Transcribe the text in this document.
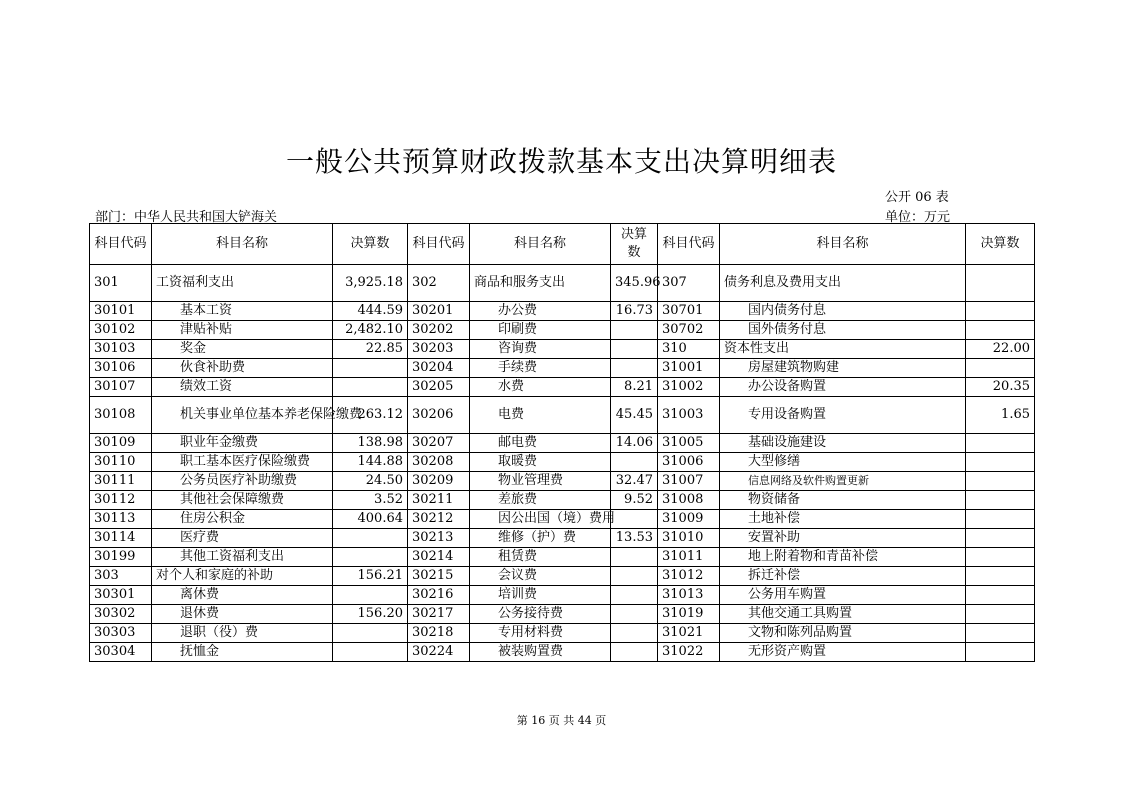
一般公共预算财政拨款基本支出决算明细表
公开 06 表
部门：中华人民共和国大铲海关	单位：万元
科目代码	科目名称	决算数	科目代码	科目名称	决算数	科目代码	科目名称	决算数
301	工资福利支出	3,925.18	302	商品和服务支出	345.96	307	债务利息及费用支出	
30101	基本工资	444.59	30201	办公费	16.73	30701	国内债务付息	
30102	津贴补贴	2,482.10	30202	印刷费		30702	国外债务付息	
30103	奖金	22.85	30203	咨询费		310	资本性支出	22.00
30106	伙食补助费		30204	手续费		31001	房屋建筑物购建	
30107	绩效工资		30205	水费	8.21	31002	办公设备购置	20.35
30108	机关事业单位基本养老保险缴费	263.12	30206	电费	45.45	31003	专用设备购置	1.65
30109	职业年金缴费	138.98	30207	邮电费	14.06	31005	基础设施建设	
30110	职工基本医疗保险缴费	144.88	30208	取暖费		31006	大型修缮	
30111	公务员医疗补助缴费	24.50	30209	物业管理费	32.47	31007	信息网络及软件购置更新	
30112	其他社会保障缴费	3.52	30211	差旅费	9.52	31008	物资储备	
30113	住房公积金	400.64	30212	因公出国（境）费用		31009	土地补偿	
30114	医疗费		30213	维修（护）费	13.53	31010	安置补助	
30199	其他工资福利支出		30214	租赁费		31011	地上附着物和青苗补偿	
303	对个人和家庭的补助	156.21	30215	会议费		31012	拆迁补偿	
30301	离休费		30216	培训费		31013	公务用车购置	
30302	退休费	156.20	30217	公务接待费		31019	其他交通工具购置	
30303	退职（役）费		30218	专用材料费		31021	文物和陈列品购置	
30304	抚恤金		30224	被装购置费		31022	无形资产购置	
第 16 页 共 44 页
